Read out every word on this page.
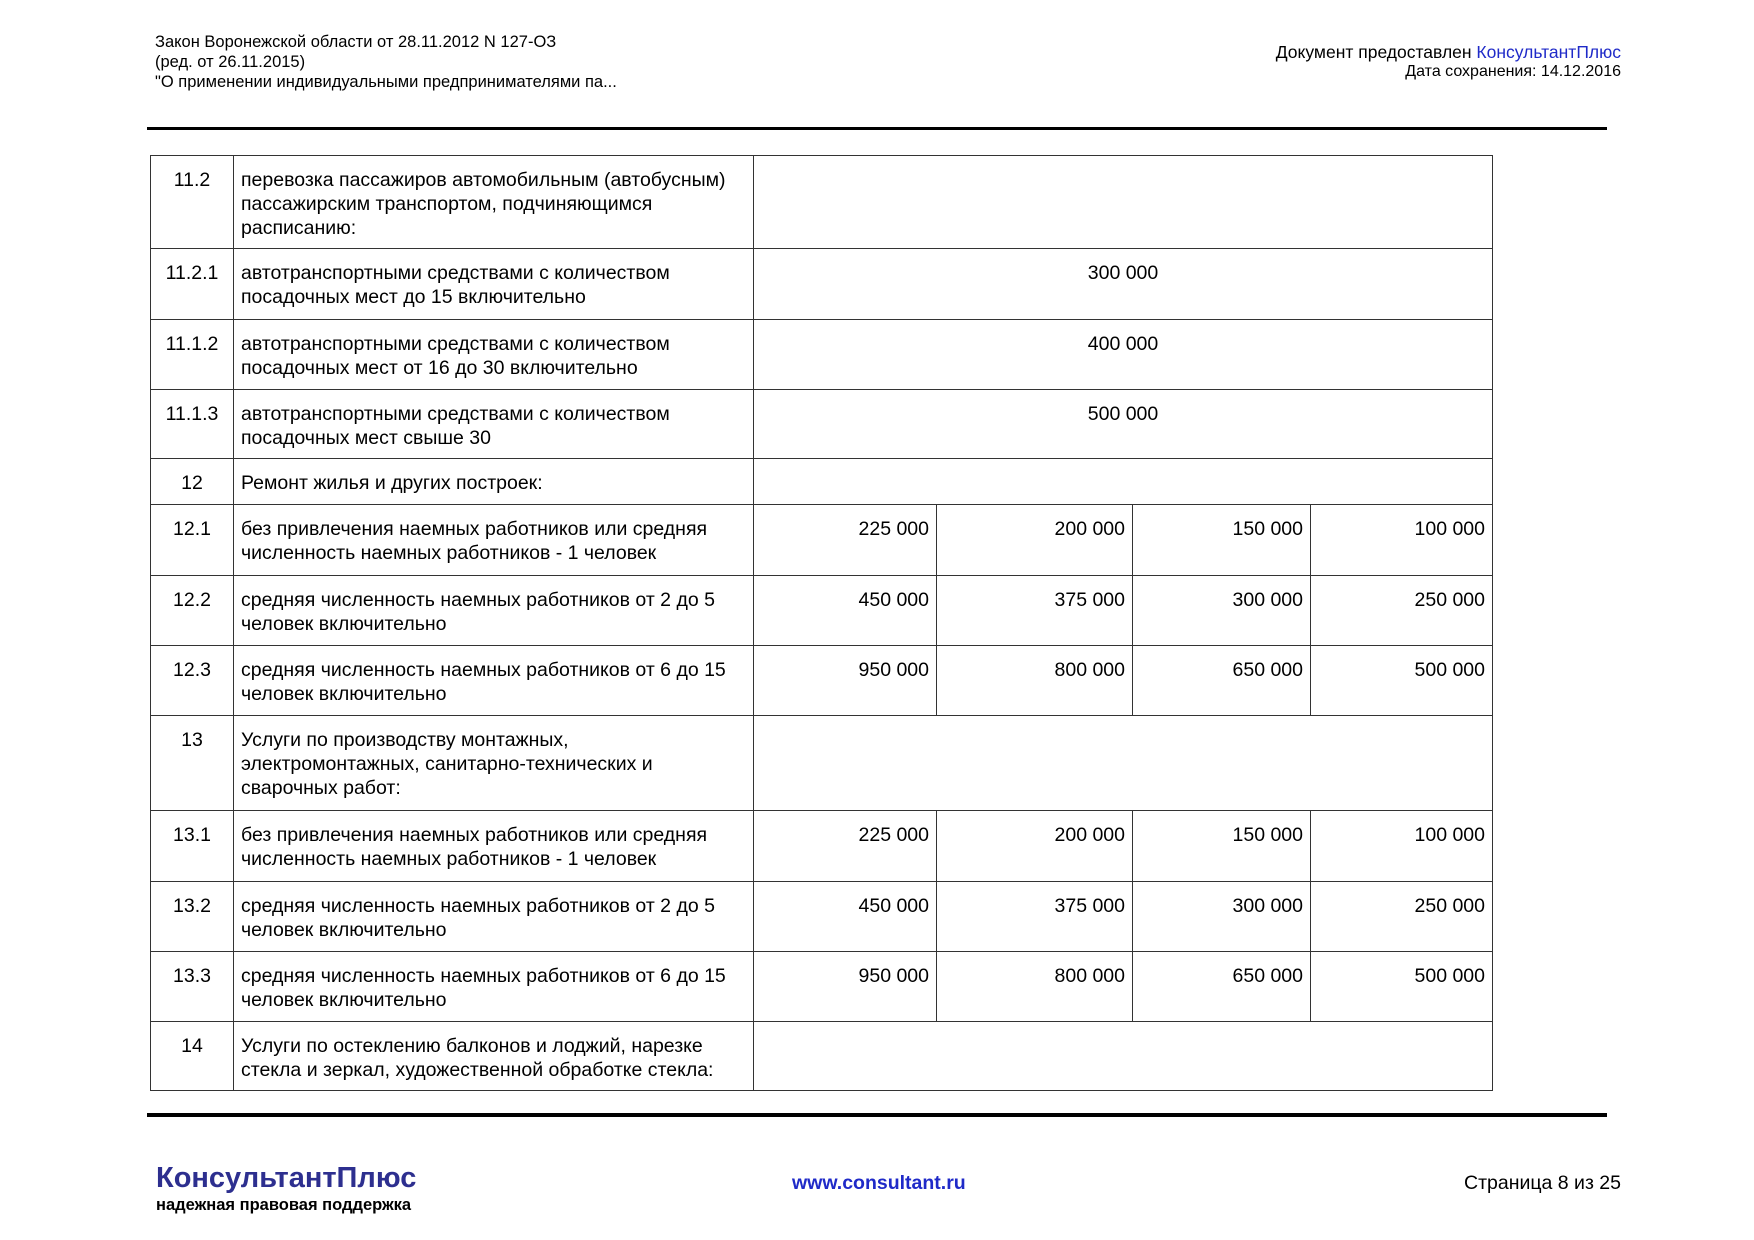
Закон Воронежской области от 28.11.2012 N 127-ОЗ
(ред. от 26.11.2015)
"О применении индивидуальными предпринимателями па...
Документ предоставлен КонсультантПлюс
Дата сохранения: 14.12.2016
11.2	перевозка пассажиров автомобильным (автобусным) пассажирским транспортом, подчиняющимся расписанию:				
11.2.1	автотранспортными средствами с количеством посадочных мест до 15 включительно	300 000			
11.1.2	автотранспортными средствами с количеством посадочных мест от 16 до 30 включительно	400 000			
11.1.3	автотранспортными средствами с количеством посадочных мест свыше 30	500 000			
12	Ремонт жилья и других построек:				
12.1	без привлечения наемных работников или средняя численность наемных работников - 1 человек	225 000	200 000	150 000	100 000
12.2	средняя численность наемных работников от 2 до 5 человек включительно	450 000	375 000	300 000	250 000
12.3	средняя численность наемных работников от 6 до 15 человек включительно	950 000	800 000	650 000	500 000
13	Услуги по производству монтажных, электромонтажных, санитарно-технических и сварочных работ:				
13.1	без привлечения наемных работников или средняя численность наемных работников - 1 человек	225 000	200 000	150 000	100 000
13.2	средняя численность наемных работников от 2 до 5 человек включительно	450 000	375 000	300 000	250 000
13.3	средняя численность наемных работников от 6 до 15 человек включительно	950 000	800 000	650 000	500 000
14	Услуги по остеклению балконов и лоджий, нарезке стекла и зеркал, художественной обработке стекла:				
КонсультантПлюс
надежная правовая поддержка
www.consultant.ru	Страница 8 из 25
